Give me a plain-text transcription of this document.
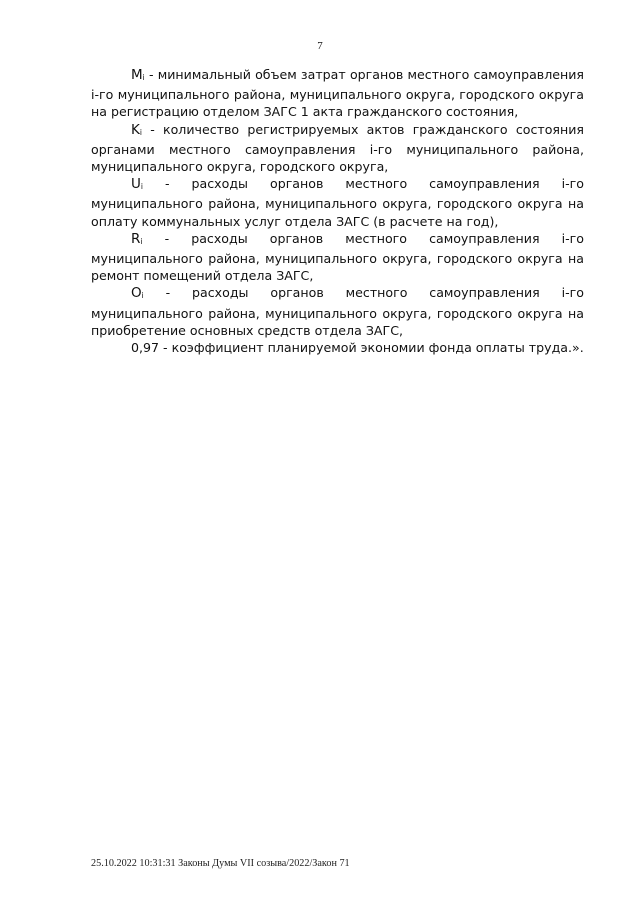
7

Mi - минимальный объем затрат органов местного самоуправления i-го муниципального района, муниципального округа, городского округа на регистрацию отделом ЗАГС 1 акта гражданского состояния,

Ki - количество регистрируемых актов гражданского состояния органами местного самоуправления i-го муниципального района, муниципального округа, городского округа,

Ui - расходы органов местного самоуправления i-го муниципального района, муниципального округа, городского округа на оплату коммунальных услуг отдела ЗАГС (в расчете на год),

Ri - расходы органов местного самоуправления i-го муниципального района, муниципального округа, городского округа на ремонт помещений отдела ЗАГС,

Oi - расходы органов местного самоуправления i-го муниципального района, муниципального округа, городского округа на приобретение основных средств отдела ЗАГС,

0,97 - коэффициент планируемой экономии фонда оплаты труда.».

25.10.2022 10:31:31 Законы Думы VII созыва/2022/Закон 71
